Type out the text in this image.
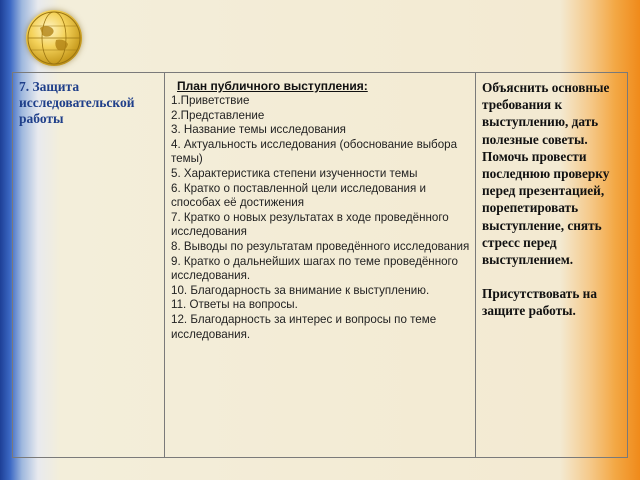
7. Защита исследовательской работы
План публичного выступления:
1.Приветствие
2.Представление
3. Название темы исследования
4. Актуальность исследования (обоснование выбора темы)
5. Характеристика степени изученности темы
6. Кратко о поставленной цели исследования и способах её достижения
7. Кратко о новых результатах в ходе проведённого исследования
8. Выводы по результатам проведённого исследования
9. Кратко о дальнейших шагах по теме проведённого исследования.
10. Благодарность за внимание к выступлению.
11. Ответы на вопросы.
12. Благодарность за интерес и вопросы по теме исследования.
Объяснить основные требования к выступлению, дать полезные советы. Помочь провести последнюю проверку перед презентацией, порепетировать выступление, снять стресс перед выступлением.
Присутствовать на защите работы.
